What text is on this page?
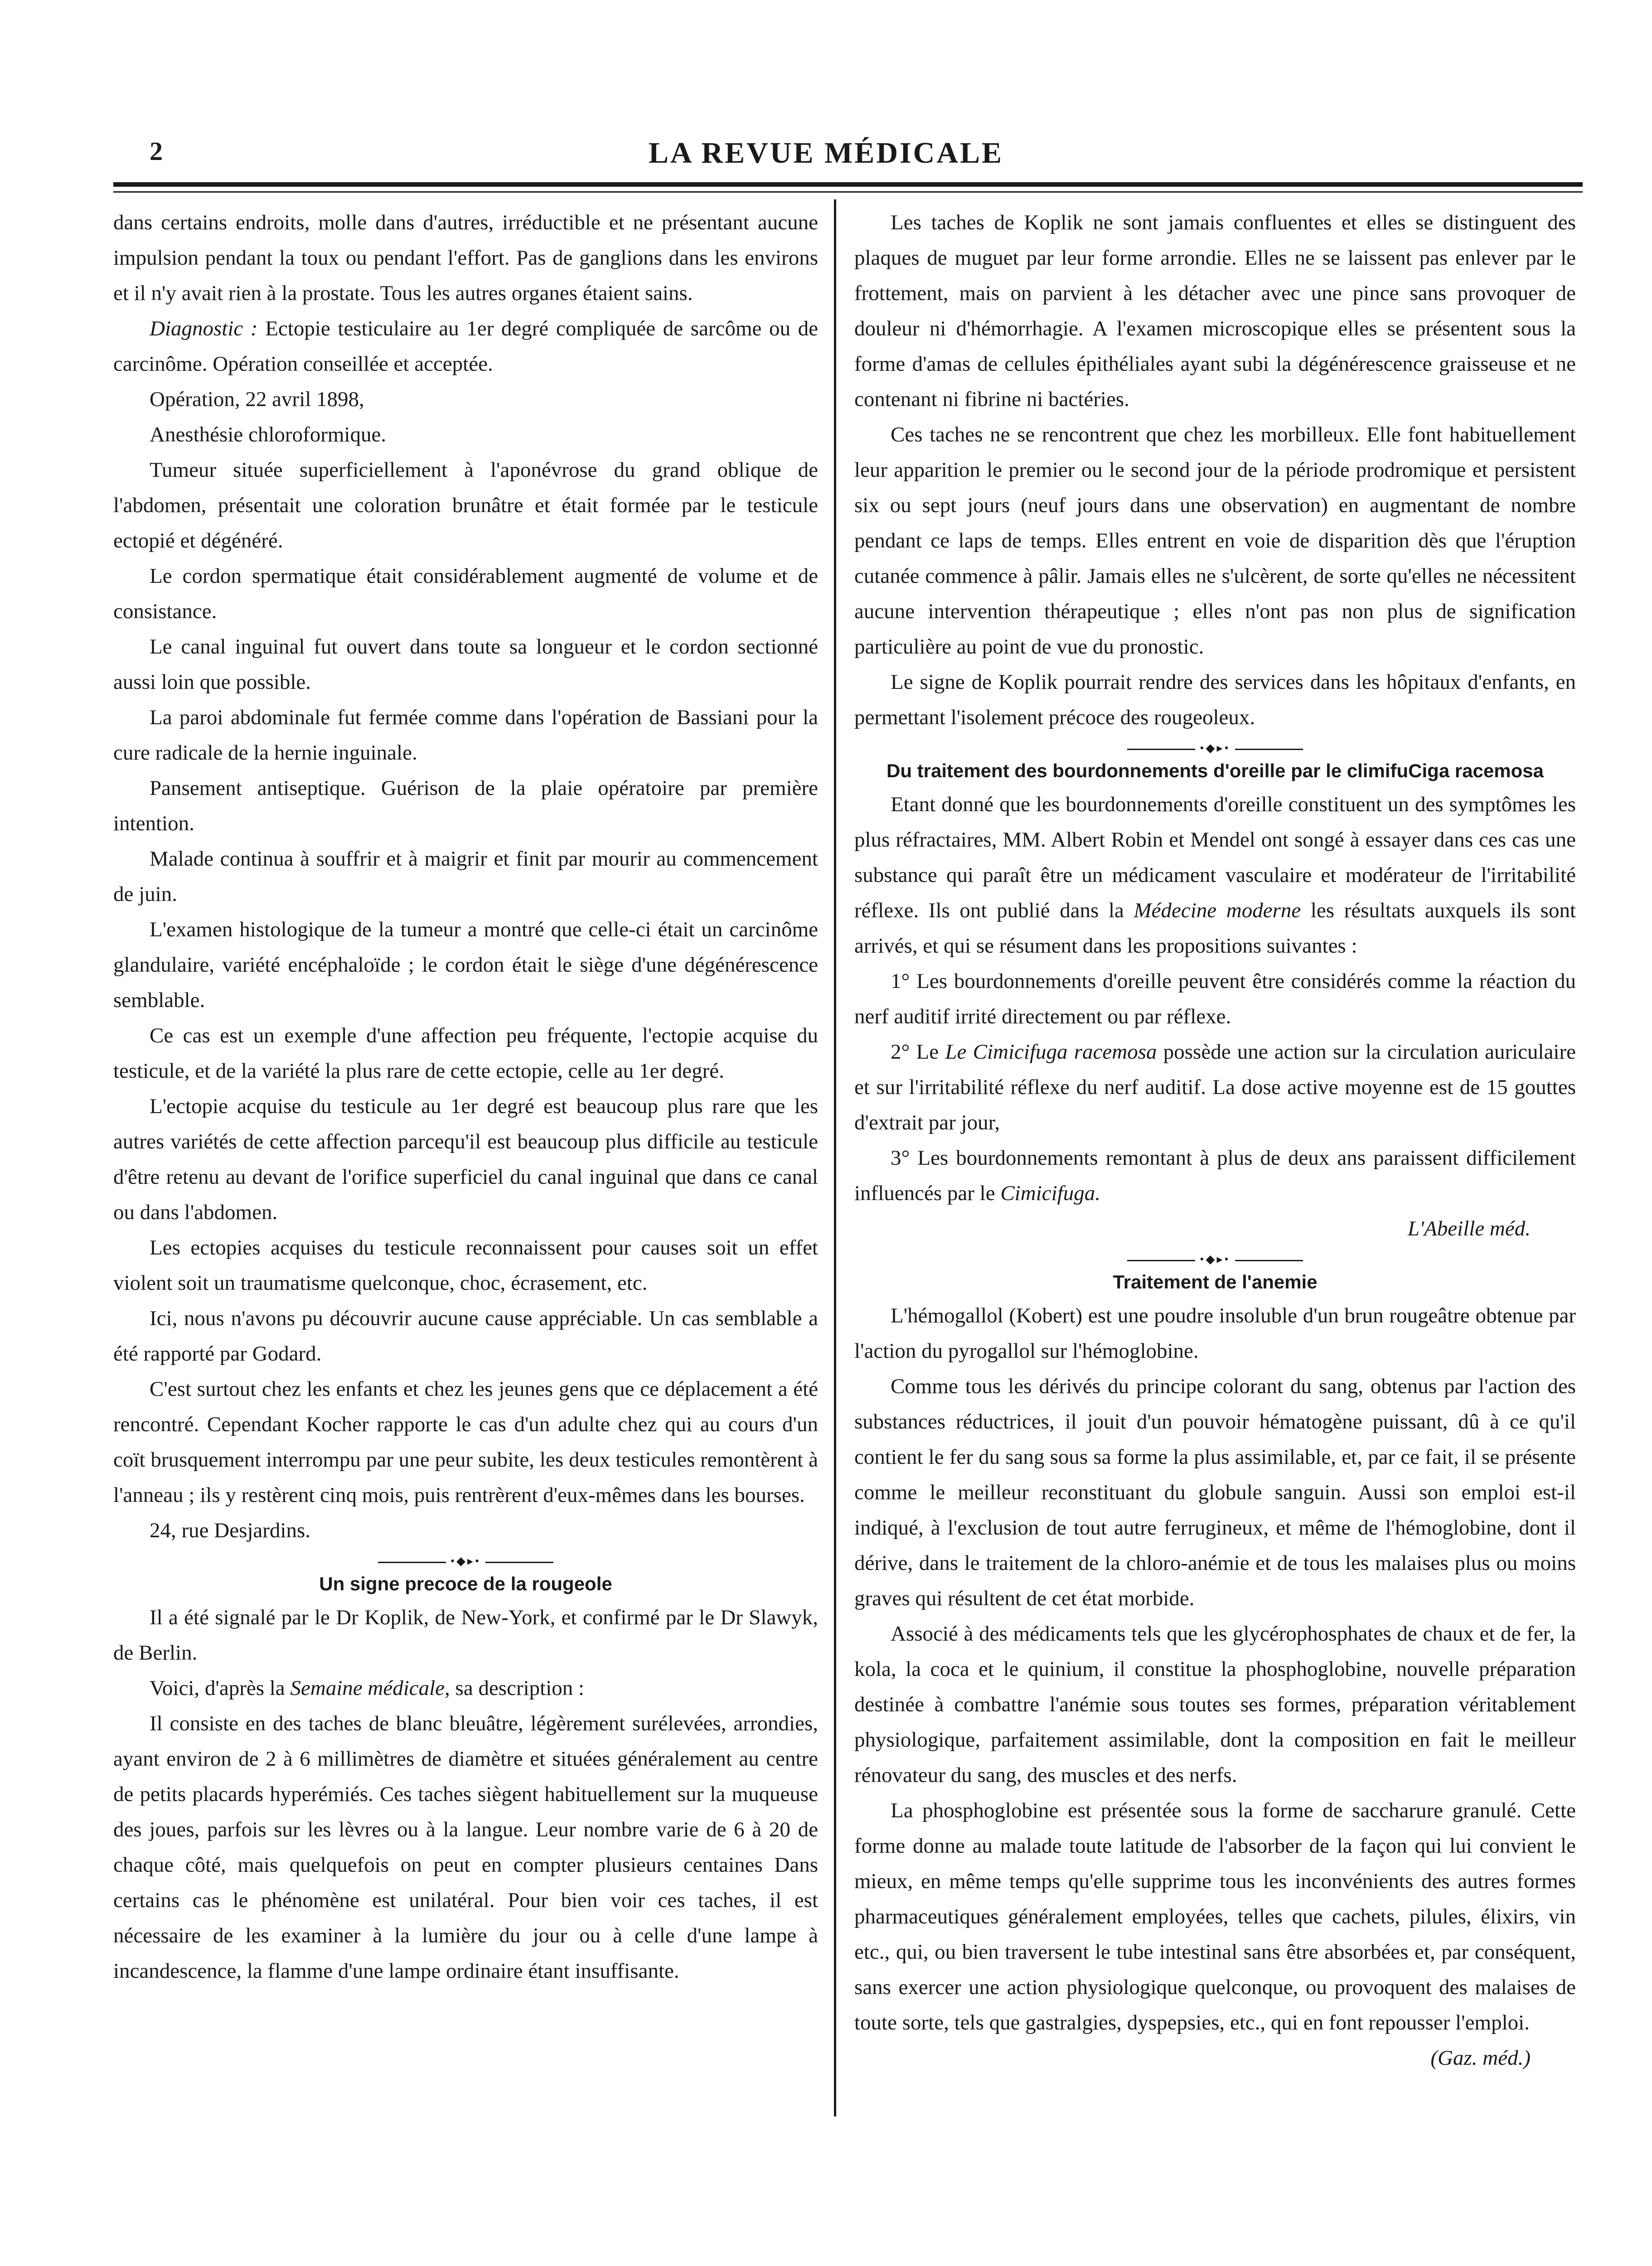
2	LA REVUE MÉDICALE

dans certains endroits, molle dans d'autres, irréductible et ne présentant aucune impulsion pendant la toux ou pendant l'effort. Pas de ganglions dans les environs et il n'y avait rien à la prostate. Tous les autres organes étaient sains.

Diagnostic : Ectopie testiculaire au 1er degré compliquée de sarcôme ou de carcinôme. Opération conseillée et acceptée.

Opération, 22 avril 1898,

Anesthésie chloroformique.

Tumeur située superficiellement à l'aponévrose du grand oblique de l'abdomen, présentait une coloration brunâtre et était formée par le testicule ectopié et dégénéré.

Le cordon spermatique était considérablement augmenté de volume et de consistance.

Le canal inguinal fut ouvert dans toute sa longueur et le cordon sectionné aussi loin que possible.

La paroi abdominale fut fermée comme dans l'opération de Bassiani pour la cure radicale de la hernie inguinale.

Pansement antiseptique. Guérison de la plaie opératoire par première intention.

Malade continua à souffrir et à maigrir et finit par mourir au commencement de juin.

L'examen histologique de la tumeur a montré que celle-ci était un carcinôme glandulaire, variété encéphaloïde ; le cordon était le siège d'une dégénérescence semblable.

Ce cas est un exemple d'une affection peu fréquente, l'ectopie acquise du testicule, et de la variété la plus rare de cette ectopie, celle au 1er degré.

L'ectopie acquise du testicule au 1er degré est beaucoup plus rare que les autres variétés de cette affection parcequ'il est beaucoup plus difficile au testicule d'être retenu au devant de l'orifice superficiel du canal inguinal que dans ce canal ou dans l'abdomen.

Les ectopies acquises du testicule reconnaissent pour causes soit un effet violent soit un traumatisme quelconque, choc, écrasement, etc.

Ici, nous n'avons pu découvrir aucune cause appréciable. Un cas semblable a été rapporté par Godard.

C'est surtout chez les enfants et chez les jeunes gens que ce déplacement a été rencontré. Cependant Kocher rapporte le cas d'un adulte chez qui au cours d'un coït brusquement interrompu par une peur subite, les deux testicules remontèrent à l'anneau ; ils y restèrent cinq mois, puis rentrèrent d'eux-mêmes dans les bourses.

24, rue Desjardins.

•◆▸•
Un signe precoce de la rougeole

Il a été signalé par le Dr Koplik, de New-York, et confirmé par le Dr Slawyk, de Berlin.

Voici, d'après la Semaine médicale, sa description :

Il consiste en des taches de blanc bleuâtre, légèrement surélevées, arrondies, ayant environ de 2 à 6 millimètres de diamètre et situées généralement au centre de petits placards hyperémiés. Ces taches siègent habituellement sur la muqueuse des joues, parfois sur les lèvres ou à la langue. Leur nombre varie de 6 à 20 de chaque côté, mais quelquefois on peut en compter plusieurs centaines Dans certains cas le phénomène est unilatéral. Pour bien voir ces taches, il est nécessaire de les examiner à la lumière du jour ou à celle d'une lampe à incandescence, la flamme d'une lampe ordinaire étant insuffisante.

Les taches de Koplik ne sont jamais confluentes et elles se distinguent des plaques de muguet par leur forme arrondie. Elles ne se laissent pas enlever par le frottement, mais on parvient à les détacher avec une pince sans provoquer de douleur ni d'hémorrhagie. A l'examen microscopique elles se présentent sous la forme d'amas de cellules épithéliales ayant subi la dégénérescence graisseuse et ne contenant ni fibrine ni bactéries.

Ces taches ne se rencontrent que chez les morbilleux. Elle font habituellement leur apparition le premier ou le second jour de la période prodromique et persistent six ou sept jours (neuf jours dans une observation) en augmentant de nombre pendant ce laps de temps. Elles entrent en voie de disparition dès que l'éruption cutanée commence à pâlir. Jamais elles ne s'ulcèrent, de sorte qu'elles ne nécessitent aucune intervention thérapeutique ; elles n'ont pas non plus de signification particulière au point de vue du pronostic.

Le signe de Koplik pourrait rendre des services dans les hôpitaux d'enfants, en permettant l'isolement précoce des rougeoleux.

•◆▸•
Du traitement des bourdonnements d'oreille par le climifuCiga racemosa

Etant donné que les bourdonnements d'oreille constituent un des symptômes les plus réfractaires, MM. Albert Robin et Mendel ont songé à essayer dans ces cas une substance qui paraît être un médicament vasculaire et modérateur de l'irritabilité réflexe. Ils ont publié dans la Médecine moderne les résultats auxquels ils sont arrivés, et qui se résument dans les propositions suivantes :

1° Les bourdonnements d'oreille peuvent être considérés comme la réaction du nerf auditif irrité directement ou par réflexe.

2° Le Le Cimicifuga racemosa possède une action sur la circulation auriculaire et sur l'irritabilité réflexe du nerf auditif. La dose active moyenne est de 15 gouttes d'extrait par jour,

3° Les bourdonnements remontant à plus de deux ans paraissent difficilement influencés par le Cimicifuga.

L'Abeille méd.

•◆▸•
Traitement de l'anemie

L'hémogallol (Kobert) est une poudre insoluble d'un brun rougeâtre obtenue par l'action du pyrogallol sur l'hémoglobine.

Comme tous les dérivés du principe colorant du sang, obtenus par l'action des substances réductrices, il jouit d'un pouvoir hématogène puissant, dû à ce qu'il contient le fer du sang sous sa forme la plus assimilable, et, par ce fait, il se présente comme le meilleur reconstituant du globule sanguin. Aussi son emploi est-il indiqué, à l'exclusion de tout autre ferrugineux, et même de l'hémoglobine, dont il dérive, dans le traitement de la chloro-anémie et de tous les malaises plus ou moins graves qui résultent de cet état morbide.

Associé à des médicaments tels que les glycérophosphates de chaux et de fer, la kola, la coca et le quinium, il constitue la phosphoglobine, nouvelle préparation destinée à combattre l'anémie sous toutes ses formes, préparation véritablement physiologique, parfaitement assimilable, dont la composition en fait le meilleur rénovateur du sang, des muscles et des nerfs.

La phosphoglobine est présentée sous la forme de saccharure granulé. Cette forme donne au malade toute latitude de l'absorber de la façon qui lui convient le mieux, en même temps qu'elle supprime tous les inconvénients des autres formes pharmaceutiques généralement employées, telles que cachets, pilules, élixirs, vin etc., qui, ou bien traversent le tube intestinal sans être absorbées et, par conséquent, sans exercer une action physiologique quelconque, ou provoquent des malaises de toute sorte, tels que gastralgies, dyspepsies, etc., qui en font repousser l'emploi.

(Gaz. méd.)
